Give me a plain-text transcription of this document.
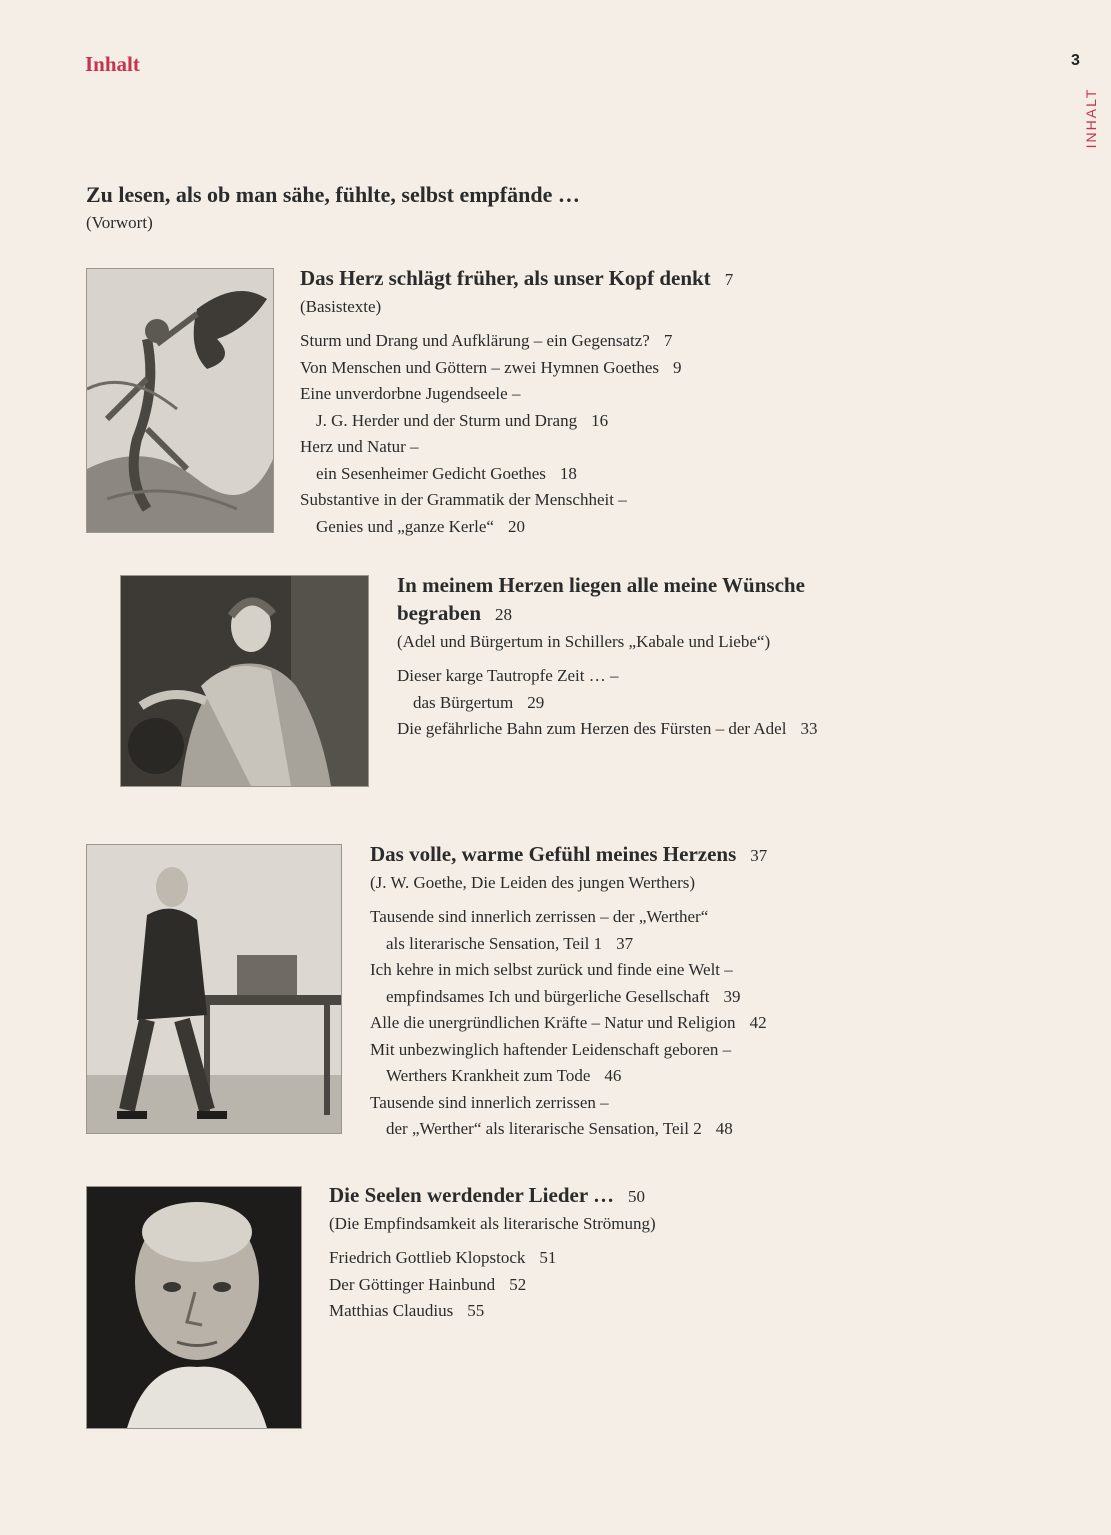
Inhalt	3
INHALT
Zu lesen, als ob man sähe, fühlte, selbst empfände …
(Vorwort)
Das Herz schlägt früher, als unser Kopf denkt 7
(Basistexte)
Sturm und Drang und Aufklärung – ein Gegensatz? 7
Von Menschen und Göttern – zwei Hymnen Goethes 9
Eine unverdorbne Jugendseele –
J. G. Herder und der Sturm und Drang 16
Herz und Natur –
ein Sesenheimer Gedicht Goethes 18
Substantive in der Grammatik der Menschheit –
Genies und „ganze Kerle“ 20
In meinem Herzen liegen alle meine Wünsche
begraben 28
(Adel und Bürgertum in Schillers „Kabale und Liebe“)
Dieser karge Tautropfe Zeit … –
das Bürgertum 29
Die gefährliche Bahn zum Herzen des Fürsten – der Adel 33
Das volle, warme Gefühl meines Herzens 37
(J. W. Goethe, Die Leiden des jungen Werthers)
Tausende sind innerlich zerrissen – der „Werther“
als literarische Sensation, Teil 1 37
Ich kehre in mich selbst zurück und finde eine Welt –
empfindsames Ich und bürgerliche Gesellschaft 39
Alle die unergründlichen Kräfte – Natur und Religion 42
Mit unbezwinglich haftender Leidenschaft geboren –
Werthers Krankheit zum Tode 46
Tausende sind innerlich zerrissen –
der „Werther“ als literarische Sensation, Teil 2 48
Die Seelen werdender Lieder … 50
(Die Empfindsamkeit als literarische Strömung)
Friedrich Gottlieb Klopstock 51
Der Göttinger Hainbund 52
Matthias Claudius 55
